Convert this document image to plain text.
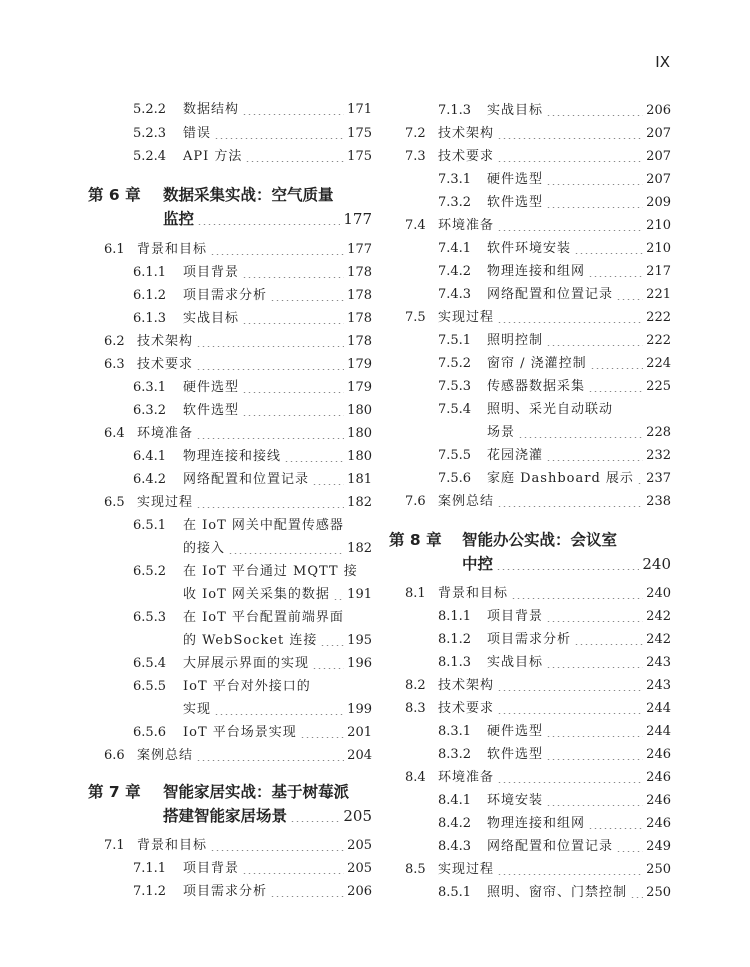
IX
5.2.2	数据结构	171
5.2.3	错误	175
5.2.4	API 方法	175
第 6 章	数据采集实战：空气质量
监控	177
6.1 背景和目标	177
6.1.1	项目背景	178
6.1.2	项目需求分析	178
6.1.3	实战目标	178
6.2 技术架构	178
6.3 技术要求	179
6.3.1	硬件选型	179
6.3.2	软件选型	180
6.4 环境准备	180
6.4.1	物理连接和接线	180
6.4.2	网络配置和位置记录	181
6.5 实现过程	182
6.5.1	在 IoT 网关中配置传感器
的接入	182
6.5.2	在 IoT 平台通过 MQTT 接
收 IoT 网关采集的数据 191
6.5.3	在 IoT 平台配置前端界面
的 WebSocket 连接 195
6.5.4	大屏展示界面的实现	196
6.5.5	IoT 平台对外接口的
实现	199
6.5.6	IoT 平台场景实现	201
6.6 案例总结	204
第 7 章	智能家居实战：基于树莓派
搭建智能家居场景	205
7.1 背景和目标	205
7.1.1	项目背景	205
7.1.2	项目需求分析	206
7.1.3	实战目标	206
7.2 技术架构	207
7.3 技术要求	207
7.3.1	硬件选型	207
7.3.2	软件选型	209
7.4 环境准备	210
7.4.1	软件环境安装	210
7.4.2	物理连接和组网	217
7.4.3	网络配置和位置记录	221
7.5 实现过程	222
7.5.1	照明控制	222
7.5.2	窗帘 / 浇灌控制	224
7.5.3	传感器数据采集	225
7.5.4	照明、采光自动联动
场景	228
7.5.5	花园浇灌	232
7.5.6	家庭 Dashboard 展示 237
7.6 案例总结	238
第 8 章	智能办公实战：会议室
中控	240
8.1 背景和目标	240
8.1.1	项目背景	242
8.1.2	项目需求分析	242
8.1.3	实战目标	243
8.2 技术架构	243
8.3 技术要求	244
8.3.1	硬件选型	244
8.3.2	软件选型	246
8.4 环境准备	246
8.4.1	环境安装	246
8.4.2	物理连接和组网	246
8.4.3	网络配置和位置记录	249
8.5 实现过程	250
8.5.1	照明、窗帘、门禁控制 250
